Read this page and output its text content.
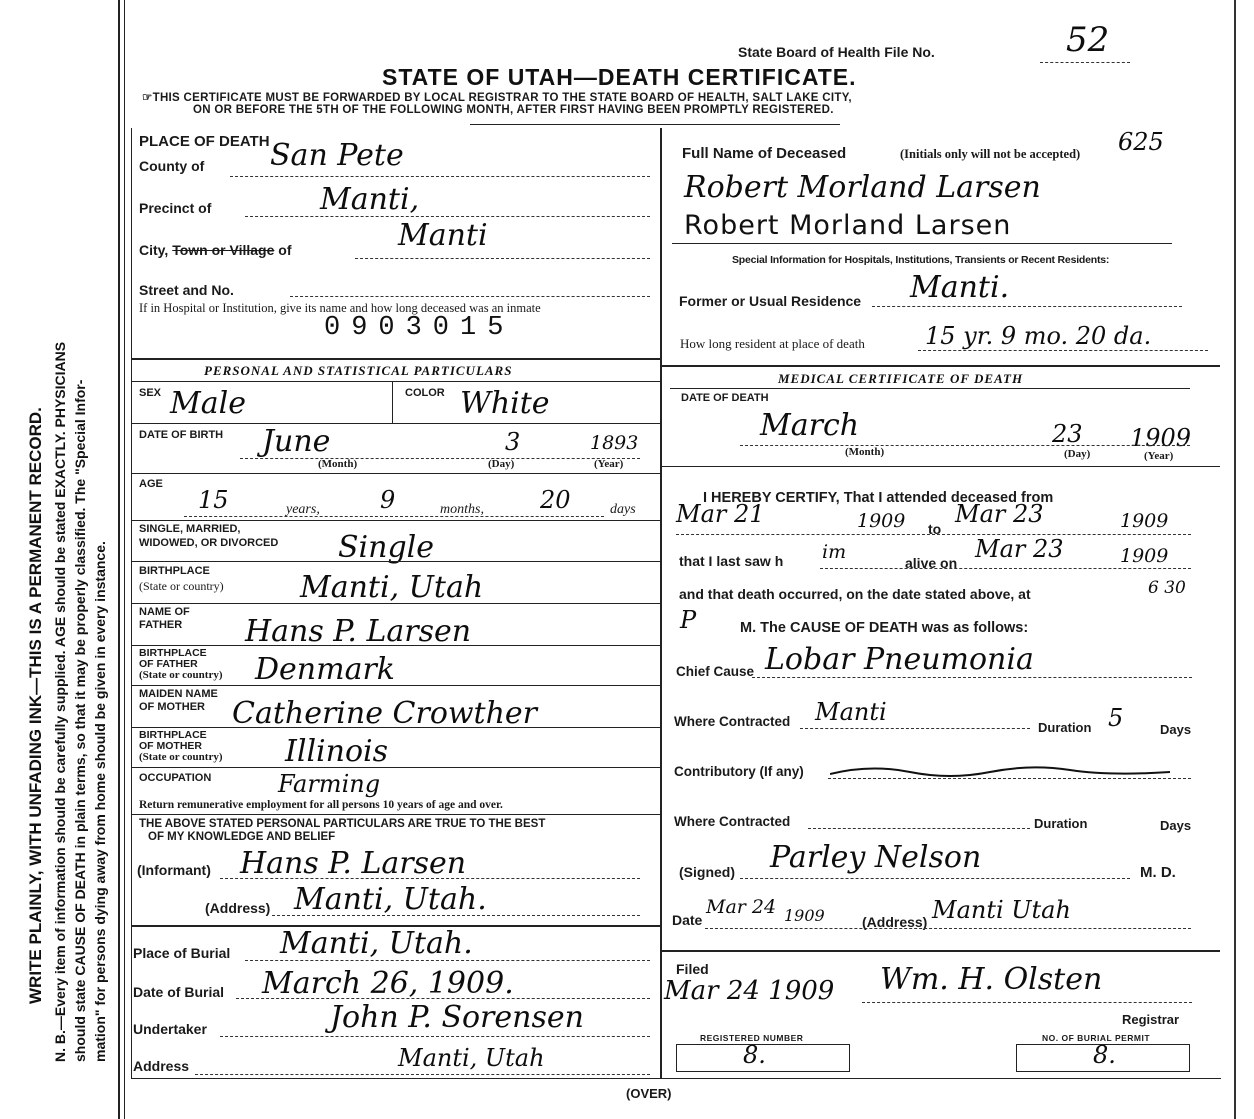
WRITE PLAINLY, WITH UNFADING INK—THIS IS A PERMANENT RECORD. N. B.—Every item of information should be carefully supplied. AGE should be stated EXACTLY. PHYSICIANS should state CAUSE OF DEATH in plain terms, so that it may be properly classified. The "Special Infor- mation" for persons dying away from home should be given in every instance.
State Board of Health File No.	52
STATE OF UTAH—DEATH CERTIFICATE.
☞THIS CERTIFICATE MUST BE FORWARDED BY LOCAL REGISTRAR TO THE STATE BOARD OF HEALTH, SALT LAKE CITY,
ON OR BEFORE THE 5TH OF THE FOLLOWING MONTH, AFTER FIRST HAVING BEEN PROMPTLY REGISTERED.
PLACE OF DEATH
County of San Pete
Precinct of	Manti,
City, Town or Village of	Manti
Street and No.
If in Hospital or Institution, give its name and how long deceased was an inmate
0903015
Full Name of Deceased	(Initials only will not be accepted) 625
Robert Morland Larsen
Robert Morland Larsen
Special Information for Hospitals, Institutions, Transients or Recent Residents:
Former or Usual Residence Manti.
How long resident at place of death	15 yr. 9 mo. 20 da.
PERSONAL AND STATISTICAL PARTICULARS
SEX Male	COLOR White
DATE OF BIRTH June	3	1893
(Month)	(Day)	(Year)
AGE
15	years,	9	months, 20	days
SINGLE, MARRIED,
WIDOWED, OR DIVORCED Single
BIRTHPLACE
(State or country)	Manti, Utah
NAME OF
FATHER Hans P. Larsen
BIRTHPLACE
OF FATHER
(State or country) Denmark
MAIDEN NAME
OF MOTHER Catherine Crowther
BIRTHPLACE
OF MOTHER
(State or country) Illinois
OCCUPATION	Farming
Return remunerative employment for all persons 10 years of age and over.
THE ABOVE STATED PERSONAL PARTICULARS ARE TRUE TO THE BEST
OF MY KNOWLEDGE AND BELIEF
(Informant) Hans P. Larsen
(Address) Manti, Utah.
Place of Burial Manti, Utah.
Date of Burial March 26, 1909.
Undertaker	John P. Sorensen
Address	Manti, Utah
MEDICAL CERTIFICATE OF DEATH
DATE OF DEATH
March	23 1909
(Month)	(Day)	(Year)
I HEREBY CERTIFY, That I attended deceased from
Mar 21	1909 to
Mar 23	1909
that I last saw h im	alive on Mar 23	1909
and that death occurred, on the date stated above, at	6 30
P	M. The CAUSE OF DEATH was as follows:
Chief Cause Lobar Pneumonia
Where Contracted Manti
Duration 5	Days
Contributory (If any)
Where Contracted	Duration	Days
(Signed) Parley Nelson	M. D.
Date
Mar 24 1909	(Address) Manti Utah
Filed
Mar 24 1909 Wm. H. Olsten
Registrar
REGISTERED NUMBER
8.
NO. OF BURIAL PERMIT
8.
(OVER)
